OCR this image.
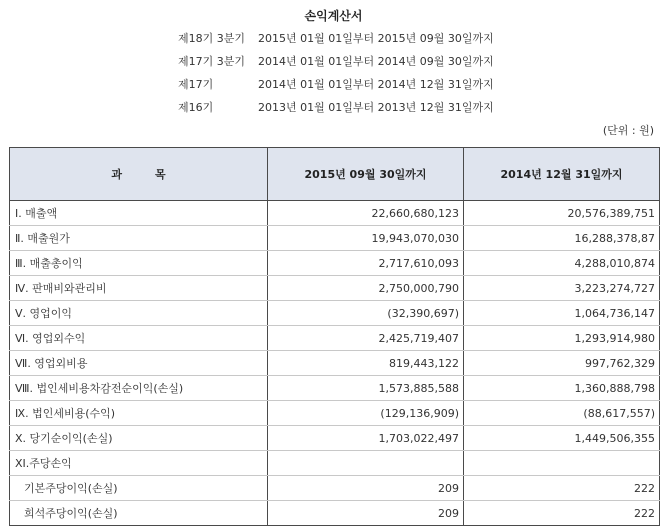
손익계산서
제18기 3분기 2015년 01월 01일부터 2015년 09월 30일까지
제17기 3분기 2014년 01월 01일부터 2014년 09월 30일까지
제17기	2014년 01월 01일부터 2014년 12월 31일까지
제16기	2013년 01월 01일부터 2013년 12월 31일까지
(단위 : 원)
과　　　목	2015년 09월 30일까지	2014년 12월 31일까지
Ⅰ. 매출액	22,660,680,123	20,576,389,751
Ⅱ. 매출원가	19,943,070,030	16,288,378,87
Ⅲ. 매출총이익	2,717,610,093	4,288,010,874
Ⅳ. 판매비와관리비	2,750,000,790	3,223,274,727
Ⅴ. 영업이익	(32,390,697)	1,064,736,147
Ⅵ. 영업외수익	2,425,719,407	1,293,914,980
Ⅶ. 영업외비용	819,443,122	997,762,329
Ⅷ. 법인세비용차감전순이익(손실)	1,573,885,588	1,360,888,798
Ⅸ. 법인세비용(수익)	(129,136,909)	(88,617,557)
Ⅹ. 당기순이익(손실)	1,703,022,497	1,449,506,355
XI.주당손익		
기본주당이익(손실)	209	222
희석주당이익(손실)	209	222
